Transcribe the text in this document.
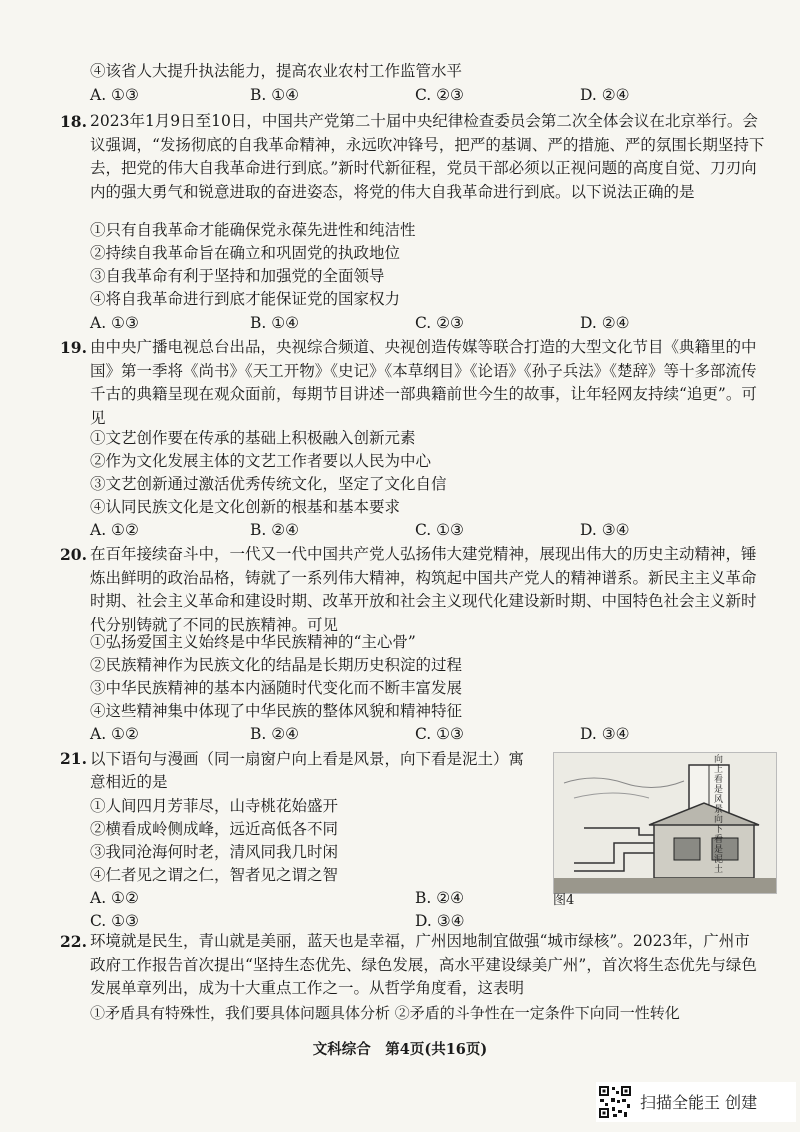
④该省人大提升执法能力，提高农业农村工作监管水平
A. ①③	B. ①④	C. ②③	D. ②④
18. 2023年1月9日至10日，中国共产党第二十届中央纪律检查委员会第二次全体会议在北京举行。会议强调，“发扬彻底的自我革命精神，永远吹冲锋号，把严的基调、严的措施、严的氛围长期坚持下去，把党的伟大自我革命进行到底。”新时代新征程，党员干部必须以正视问题的高度自觉、刀刃向内的强大勇气和锐意进取的奋进姿态，将党的伟大自我革命进行到底。以下说法正确的是
①只有自我革命才能确保党永葆先进性和纯洁性
②持续自我革命旨在确立和巩固党的执政地位
③自我革命有利于坚持和加强党的全面领导
④将自我革命进行到底才能保证党的国家权力
A. ①③	B. ①④	C. ②③	D. ②④
19. 由中央广播电视总台出品，央视综合频道、央视创造传媒等联合打造的大型文化节目《典籍里的中国》第一季将《尚书》《天工开物》《史记》《本草纲目》《论语》《孙子兵法》《楚辞》等十多部流传千古的典籍呈现在观众面前，每期节目讲述一部典籍前世今生的故事，让年轻网友持续“追更”。可见
①文艺创作要在传承的基础上积极融入创新元素
②作为文化发展主体的文艺工作者要以人民为中心
③文艺创新通过激活优秀传统文化，坚定了文化自信
④认同民族文化是文化创新的根基和基本要求
A. ①②	B. ②④	C. ①③	D. ③④
20. 在百年接续奋斗中，一代又一代中国共产党人弘扬伟大建党精神，展现出伟大的历史主动精神，锤炼出鲜明的政治品格，铸就了一系列伟大精神，构筑起中国共产党人的精神谱系。新民主主义革命时期、社会主义革命和建设时期、改革开放和社会主义现代化建设新时期、中国特色社会主义新时代分别铸就了不同的民族精神。可见
①弘扬爱国主义始终是中华民族精神的“主心骨”
②民族精神作为民族文化的结晶是长期历史积淀的过程
③中华民族精神的基本内涵随时代变化而不断丰富发展
④这些精神集中体现了中华民族的整体风貌和精神特征
A. ①②	B. ②④	C. ①③	D. ③④
21. 以下语句与漫画（同一扇窗户向上看是风景，向下看是泥土）寓
意相近的是
①人间四月芳菲尽，山寺桃花始盛开
②横看成岭侧成峰，远近高低各不同
③我同沧海何时老，清风同我几时闲
④仁者见之谓之仁，智者见之谓之智
A. ①②	B. ②④
C. ①③	D. ③④
向上看是风景 向下看是泥土
图4
22. 环境就是民生，青山就是美丽，蓝天也是幸福，广州因地制宜做强“城市绿核”。2023年，广州市政府工作报告首次提出“坚持生态优先、绿色发展，高水平建设绿美广州”，首次将生态优先与绿色发展单章列出，成为十大重点工作之一。从哲学角度看，这表明
①矛盾具有特殊性，我们要具体问题具体分析 ②矛盾的斗争性在一定条件下向同一性转化
文科综合　第4页(共16页)
扫描全能王 创建
